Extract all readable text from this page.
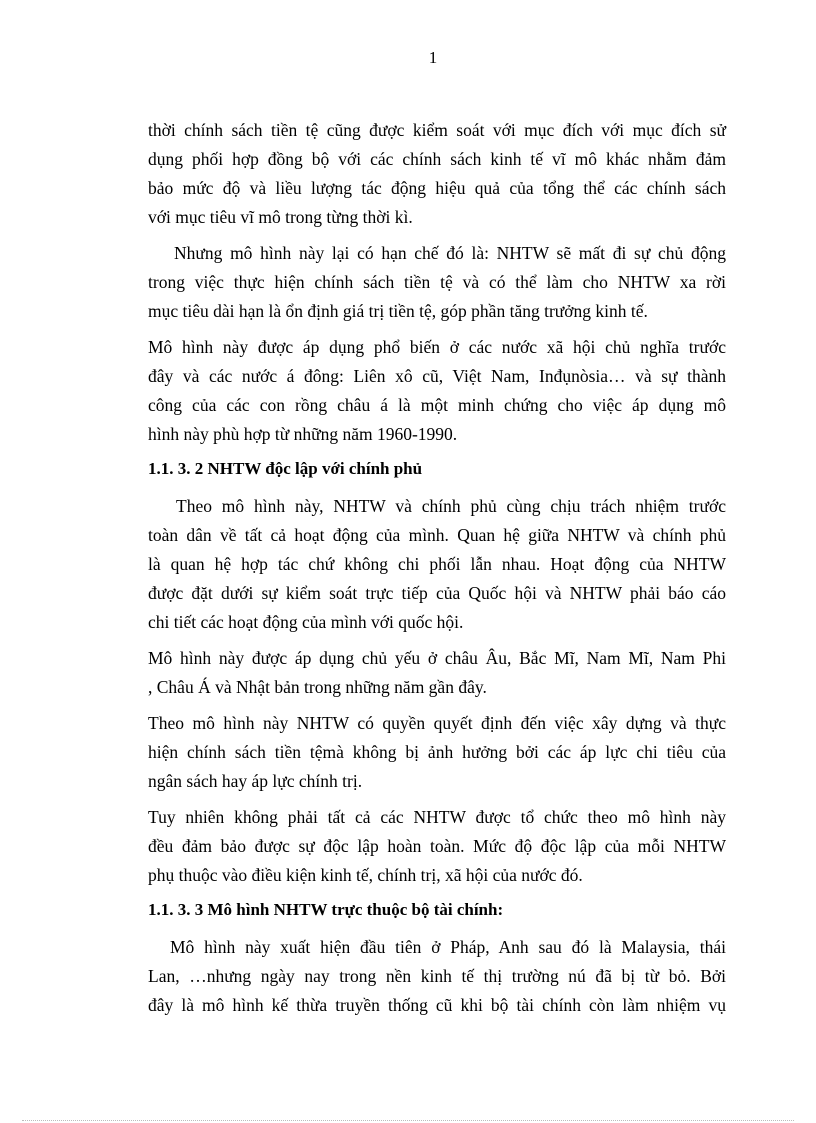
1
thời chính sách tiền tệ cũng được kiểm soát với mục đích với mục đích sử
dụng phối hợp đồng bộ với các chính sách kinh tế vĩ mô khác nhằm đảm
bảo mức độ và liều lượng tác động hiệu quả của tổng thể các chính sách
với mục tiêu vĩ mô trong từng thời kì.
Nhưng mô hình này lại có hạn chế đó là: NHTW sẽ mất đi sự chủ động
trong việc thực hiện chính sách tiền tệ và có thể làm cho NHTW xa rời
mục tiêu dài hạn là ổn định giá trị tiền tệ, góp phần tăng trưởng kinh tế.
Mô hình này được áp dụng phổ biến ở các nước xã hội chủ nghĩa trước
đây và các nước á đông: Liên xô cũ, Việt Nam, Inđụnòsia… và sự thành
công của các con rồng châu á là một minh chứng cho việc áp dụng mô
hình này phù hợp từ những năm 1960-1990.
1.1. 3. 2 NHTW độc lập với chính phủ
Theo mô hình này, NHTW và chính phủ cùng chịu trách nhiệm trước
toàn dân về tất cả hoạt động của mình. Quan hệ giữa NHTW và chính phủ
là quan hệ hợp tác chứ không chi phối lẫn nhau. Hoạt động của NHTW
được đặt dưới sự kiểm soát trực tiếp của Quốc hội và NHTW phải báo cáo
chi tiết các hoạt động của mình với quốc hội.
Mô hình này được áp dụng chủ yếu ở châu Âu, Bắc Mĩ, Nam Mĩ, Nam Phi
, Châu Á và Nhật bản trong những năm gần đây.
Theo mô hình này NHTW có quyền quyết định đến việc xây dựng và thực
hiện chính sách tiền tệmà không bị ảnh hưởng bởi các áp lực chi tiêu của
ngân sách hay áp lực chính trị.
Tuy nhiên không phải tất cả các NHTW được tổ chức theo mô hình này
đều đảm bảo được sự độc lập hoàn toàn. Mức độ độc lập của mỗi NHTW
phụ thuộc vào điều kiện kinh tế, chính trị, xã hội của nước đó.
1.1. 3. 3 Mô hình NHTW trực thuộc bộ tài chính:
Mô hình này xuất hiện đầu tiên ở Pháp, Anh sau đó là Malaysia, thái
Lan, …nhưng ngày nay trong nền kinh tế thị trường nú đã bị từ bỏ. Bởi
đây là mô hình kế thừa truyền thống cũ khi bộ tài chính còn làm nhiệm vụ
